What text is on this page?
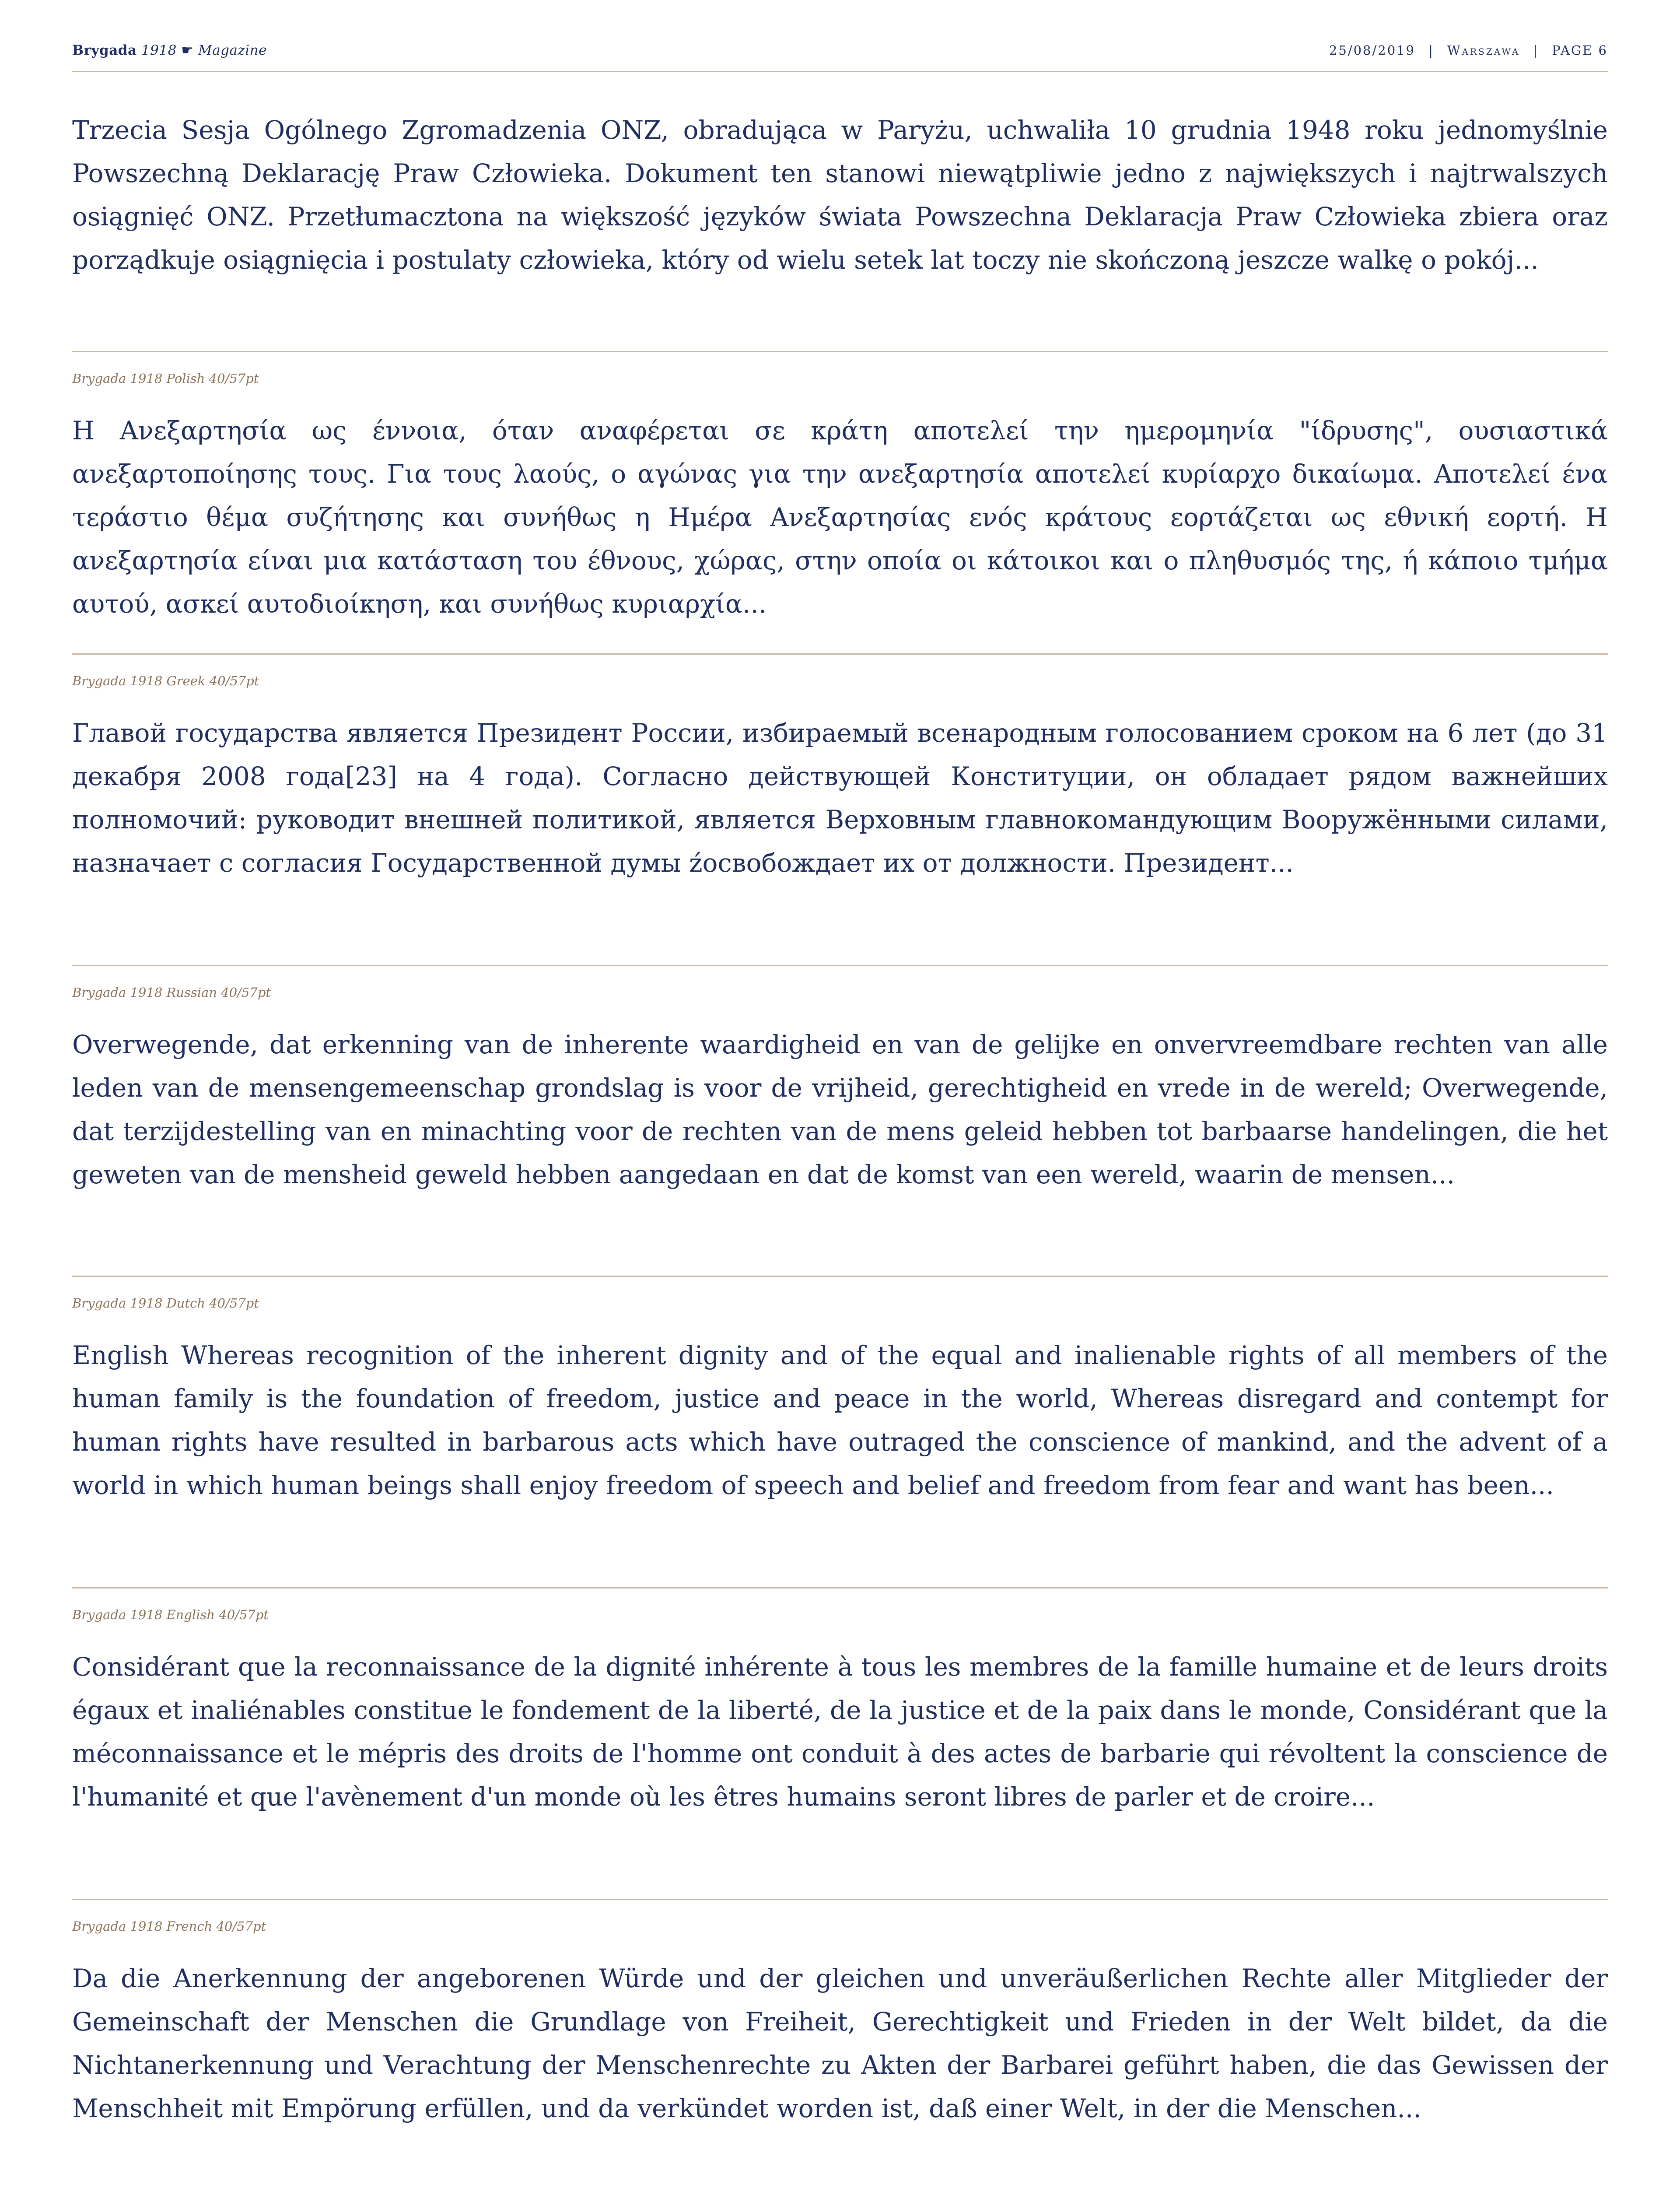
Brygada 1918 ☛ Magazine	25/08/2019 | Warszawa | PAGE 6
Trzecia Sesja Ogólnego Zgromadzenia ONZ, obradująca w Paryżu, uchwaliła 10 grudnia 1948 roku jednomyślnie Powszechną Deklarację Praw Człowieka. Dokument ten stanowi niewątpliwie jedno z największych i najtrwalszych osiągnięć ONZ. Przetłumacztona na większość języków świata Powszechna Deklaracja Praw Człowieka zbiera oraz porządkuje osiągnięcia i postulaty człowieka, który od wielu setek lat toczy nie skończoną jeszcze walkę o pokój...
Brygada 1918 Polish 40/57pt
Η Ανεξαρτησία ως έννοια, όταν αναφέρεται σε κράτη αποτελεί την ημερομηνία "ίδρυσης", ουσιαστικά ανεξαρτοποίησης τους. Για τους λαούς, ο αγώνας για την ανεξαρτησία αποτελεί κυρίαρχο δικαίωμα. Αποτελεί ένα τεράστιο θέμα συζήτησης και συνήθως η Ημέρα Ανεξαρτησίας ενός κράτους εορτάζεται ως εθνική εορτή. Η ανεξαρτησία είναι μια κατάσταση του έθνους, χώρας, στην οποία οι κάτοικοι και ο πληθυσμός της, ή κάποιο τμήμα αυτού, ασκεί αυτοδιοίκηση, και συνήθως κυριαρχία...
Brygada 1918 Greek 40/57pt
Главой государства является Президент России, избираемый всенародным голосованием сроком на 6 лет (до 31 декабря 2008 года[23] на 4 года). Согласно действующей Конституции, он обладает рядом важнейших полномочий: руководит внешней политикой, является Верховным главнокомандующим Вооружёнными силами, назначает с согласия Государственной думы źосвобождает их от должности. Президент...
Brygada 1918 Russian 40/57pt
Overwegende, dat erkenning van de inherente waardigheid en van de gelijke en onvervreemdbare rechten van alle leden van de mensengemeenschap grondslag is voor de vrijheid, gerechtigheid en vrede in de wereld; Overwegende, dat terzijdestelling van en minachting voor de rechten van de mens geleid hebben tot barbaarse handelingen, die het geweten van de mensheid geweld hebben aangedaan en dat de komst van een wereld, waarin de mensen...
Brygada 1918 Dutch 40/57pt
English Whereas recognition of the inherent dignity and of the equal and inalienable rights of all members of the human family is the foundation of freedom, justice and peace in the world, Whereas disregard and contempt for human rights have resulted in barbarous acts which have outraged the conscience of mankind, and the advent of a world in which human beings shall enjoy freedom of speech and belief and freedom from fear and want has been...
Brygada 1918 English 40/57pt
Considérant que la reconnaissance de la dignité inhérente à tous les membres de la famille humaine et de leurs droits égaux et inaliénables constitue le fondement de la liberté, de la justice et de la paix dans le monde, Considérant que la méconnaissance et le mépris des droits de l'homme ont conduit à des actes de barbarie qui révoltent la conscience de l'humanité et que l'avènement d'un monde où les êtres humains seront libres de parler et de croire...
Brygada 1918 French 40/57pt
Da die Anerkennung der angeborenen Würde und der gleichen und unveräußerlichen Rechte aller Mitglieder der Gemeinschaft der Menschen die Grundlage von Freiheit, Gerechtigkeit und Frieden in der Welt bildet, da die Nichtanerkennung und Verachtung der Menschenrechte zu Akten der Barbarei geführt haben, die das Gewissen der Menschheit mit Empörung erfüllen, und da verkündet worden ist, daß einer Welt, in der die Menschen...
